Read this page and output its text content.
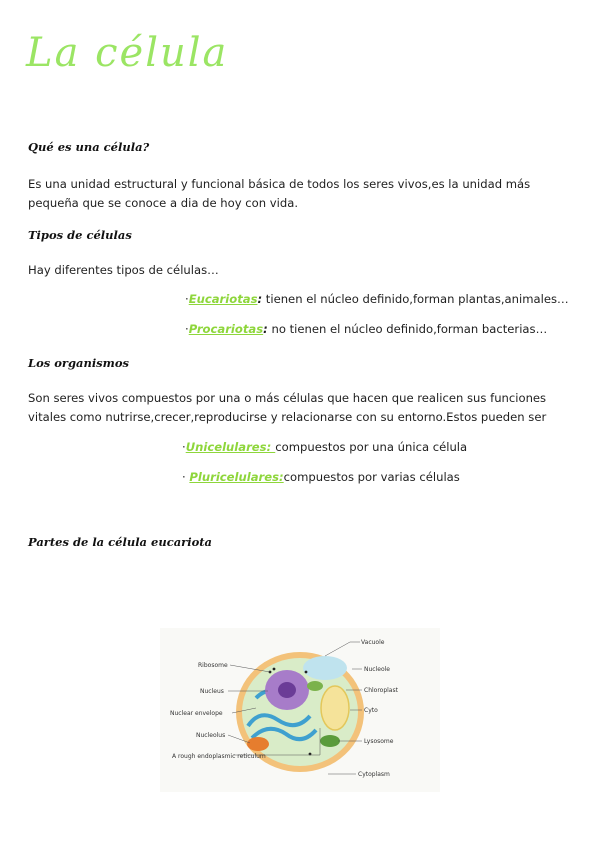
La célula
Qué es una célula?
Es una unidad estructural y funcional básica de todos los seres vivos,es la unidad más pequeña que se conoce a dia de hoy con vida.
Tipos de células
Hay diferentes tipos de células…
·Eucariotas: tienen el núcleo definido,forman plantas,animales…
·Procariotas: no tienen el núcleo definido,forman bacterias…
Los organismos
Son seres vivos compuestos por una o más células que hacen que realicen sus funciones vitales como nutrirse,crecer,reproducirse y relacionarse con su entorno.Estos pueden ser
·Unicelulares: compuestos por una única célula
· Pluricelulares:compuestos por varias células
Partes de la célula eucariota
Ribosome
Nucleus
Nuclear envelope
Nucleolus
A rough endoplasmic reticulum
Vacuole
Nucleole
Chloroplast
Cyto
Lysosome
Cytoplasm
